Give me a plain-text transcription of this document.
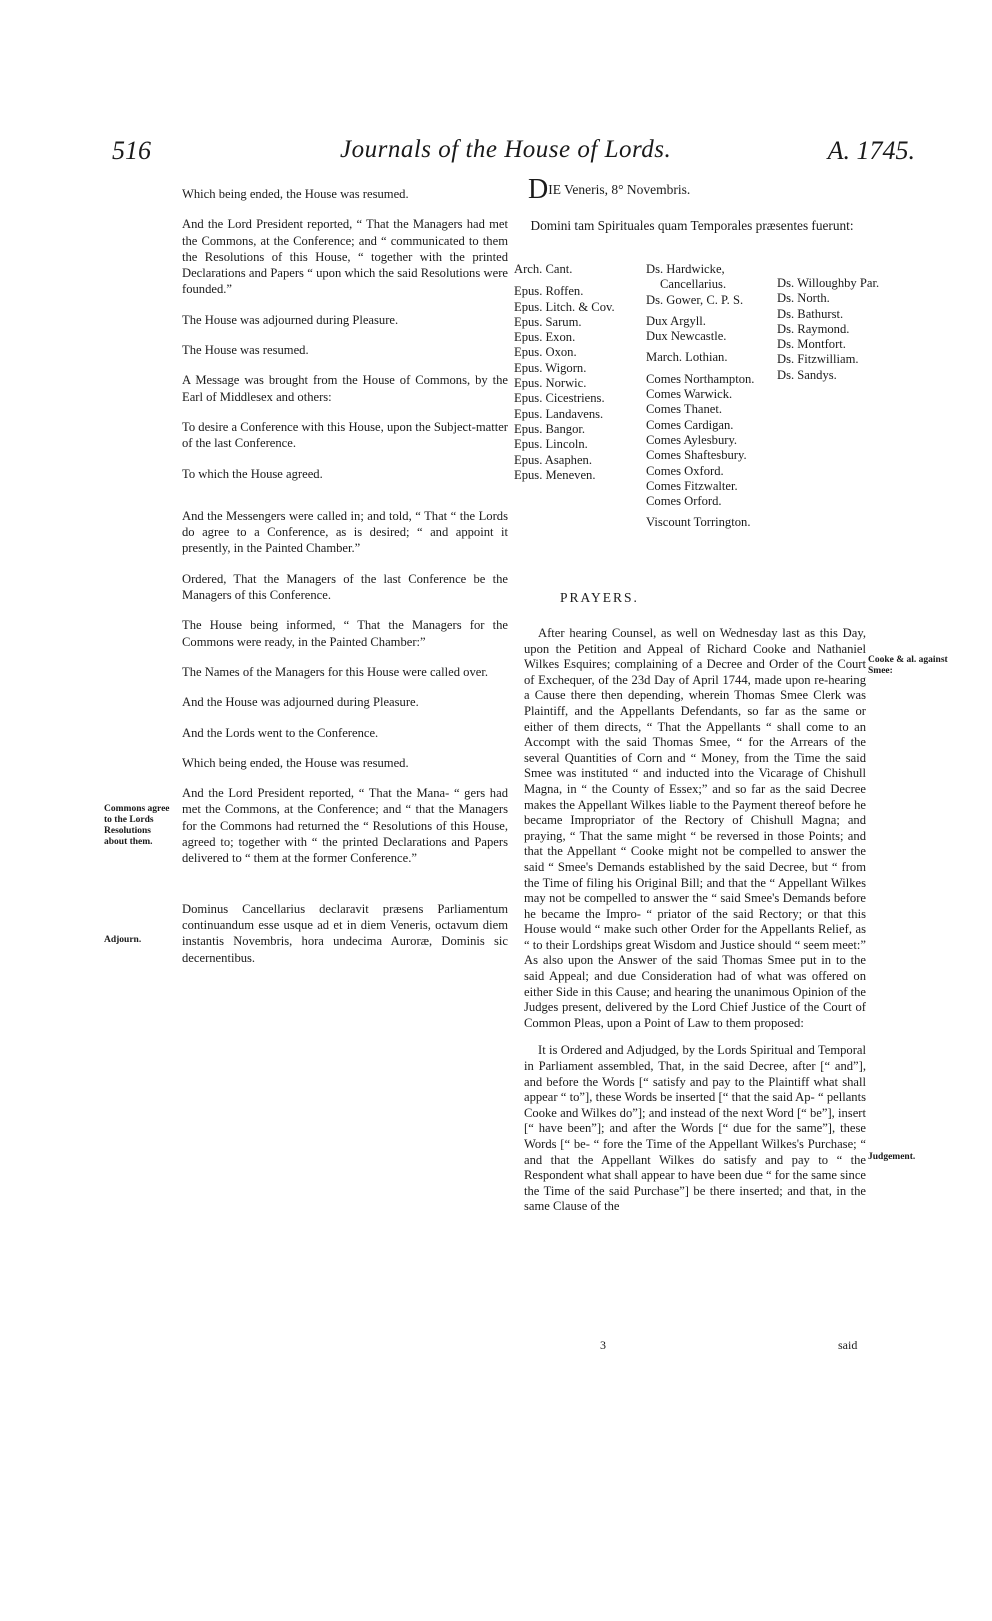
516	Journals of the House of Lords.	A. 1745.

Which being ended, the House was resumed.

And the Lord President reported, “ That the Managers had met the Commons, at the Conference; and “ communicated to them the Resolutions of this House, “ together with the printed Declarations and Papers “ upon which the said Resolutions were founded.”

The House was adjourned during Pleasure.

The House was resumed.

A Message was brought from the House of Commons, by the Earl of Middlesex and others:

To desire a Conference with this House, upon the Subject-matter of the last Conference.

To which the House agreed.

And the Messengers were called in; and told, “ That “ the Lords do agree to a Conference, as is desired; “ and appoint it presently, in the Painted Chamber.”

Ordered, That the Managers of the last Conference be the Managers of this Conference.

The House being informed, “ That the Managers for the Commons were ready, in the Painted Chamber:”

The Names of the Managers for this House were called over.

And the House was adjourned during Pleasure.

And the Lords went to the Conference.

Which being ended, the House was resumed.

And the Lord President reported, “ That the Mana- “ gers had met the Commons, at the Conference; and “ that the Managers for the Commons had returned the “ Resolutions of this House, agreed to; together with “ the printed Declarations and Papers delivered to “ them at the former Conference.”

Dominus Cancellarius declaravit præsens Parliamentum continuandum esse usque ad et in diem Veneris, octavum diem instantis Novembris, hora undecima Auroræ, Dominis sic decernentibus.

Commons agree to the Lords Resolutions about them.
Adjourn.
Cooke & al. against Smee:
Judgement.
DIE Veneris, 8° Novembris.
Domini tam Spirituales quam Temporales præsentes fuerunt:
Arch. Cant.
Epus. Roffen.
Epus. Litch. & Cov.
Epus. Sarum.
Epus. Exon.
Epus. Oxon.
Epus. Wigorn.
Epus. Norwic.
Epus. Cicestriens.
Epus. Landavens.
Epus. Bangor.
Epus. Lincoln.
Epus. Asaphen.
Epus. Meneven.
Ds. Hardwicke,
Cancellarius.
Ds. Gower, C. P. S.
Dux Argyll.
Dux Newcastle.
March. Lothian.
Comes Northampton.
Comes Warwick.
Comes Thanet.
Comes Cardigan.
Comes Aylesbury.
Comes Shaftesbury.
Comes Oxford.
Comes Fitzwalter.
Comes Orford.
Viscount Torrington.
Ds. Willoughby Par.
Ds. North.
Ds. Bathurst.
Ds. Raymond.
Ds. Montfort.
Ds. Fitzwilliam.
Ds. Sandys.
PRAYERS.

After hearing Counsel, as well on Wednesday last as this Day, upon the Petition and Appeal of Richard Cooke and Nathaniel Wilkes Esquires; complaining of a Decree and Order of the Court of Exchequer, of the 23d Day of April 1744, made upon re-hearing a Cause there then depending, wherein Thomas Smee Clerk was Plaintiff, and the Appellants Defendants, so far as the same or either of them directs, “ That the Appellants “ shall come to an Accompt with the said Thomas Smee, “ for the Arrears of the several Quantities of Corn and “ Money, from the Time the said Smee was instituted “ and inducted into the Vicarage of Chishull Magna, in “ the County of Essex;” and so far as the said Decree makes the Appellant Wilkes liable to the Payment thereof before he became Impropriator of the Rectory of Chishull Magna; and praying, “ That the same might “ be reversed in those Points; and that the Appellant “ Cooke might not be compelled to answer the said “ Smee's Demands established by the said Decree, but “ from the Time of filing his Original Bill; and that the “ Appellant Wilkes may not be compelled to answer the “ said Smee's Demands before he became the Impro- “ priator of the said Rectory; or that this House would “ make such other Order for the Appellants Relief, as “ to their Lordships great Wisdom and Justice should “ seem meet:” As also upon the Answer of the said Thomas Smee put in to the said Appeal; and due Consideration had of what was offered on either Side in this Cause; and hearing the unanimous Opinion of the Judges present, delivered by the Lord Chief Justice of the Court of Common Pleas, upon a Point of Law to them proposed:

It is Ordered and Adjudged, by the Lords Spiritual and Temporal in Parliament assembled, That, in the said Decree, after [“ and”], and before the Words [“ satisfy and pay to the Plaintiff what shall appear “ to”], these Words be inserted [“ that the said Ap- “ pellants Cooke and Wilkes do”]; and instead of the next Word [“ be”], insert [“ have been”]; and after the Words [“ due for the same”], these Words [“ be- “ fore the Time of the Appellant Wilkes's Purchase; “ and that the Appellant Wilkes do satisfy and pay to “ the Respondent what shall appear to have been due “ for the same since the Time of the said Purchase”] be there inserted; and that, in the same Clause of the

3	said
